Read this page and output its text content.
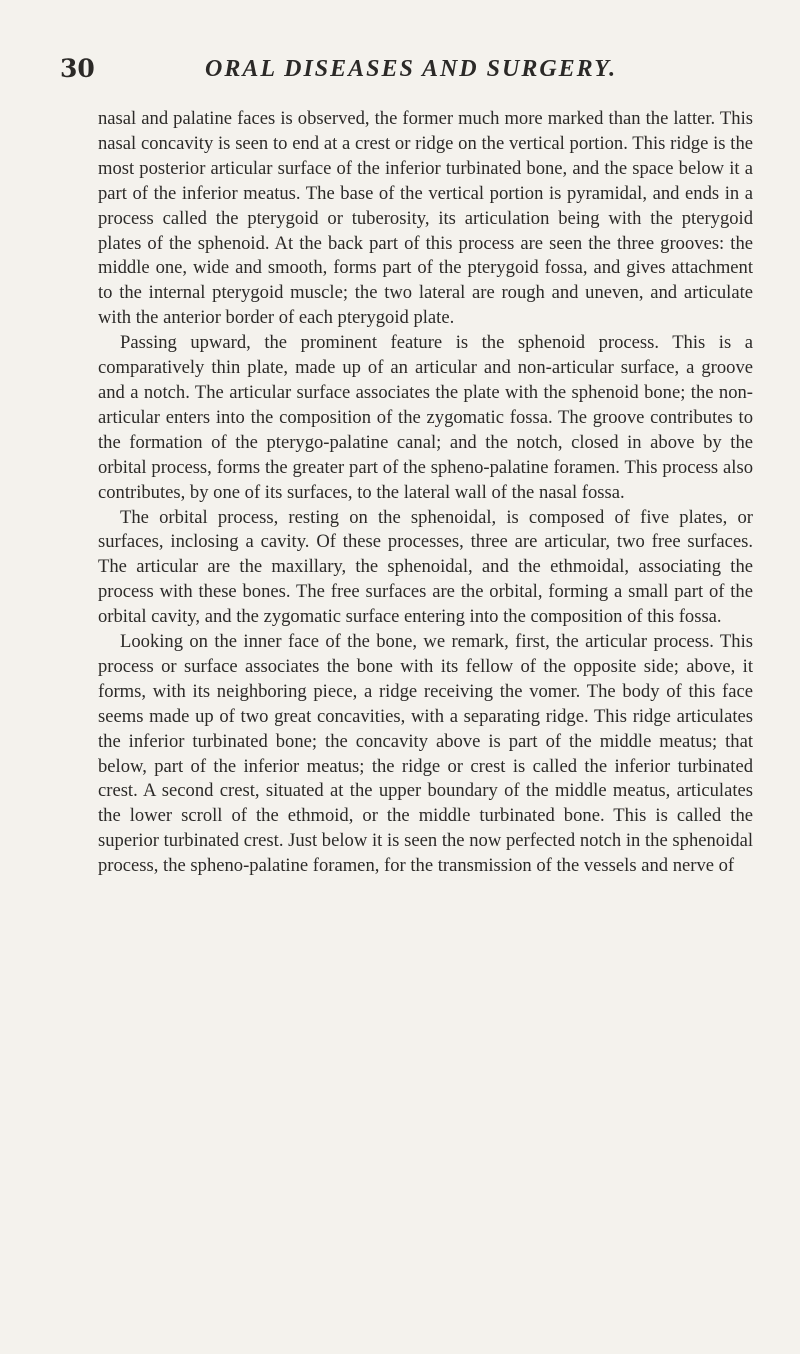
30	ORAL DISEASES AND SURGERY.

nasal and palatine faces is observed, the former much more marked than the latter. This nasal concavity is seen to end at a crest or ridge on the vertical portion. This ridge is the most posterior articular surface of the inferior turbinated bone, and the space below it a part of the inferior meatus. The base of the vertical portion is pyramidal, and ends in a process called the pterygoid or tuberosity, its articulation being with the pterygoid plates of the sphenoid. At the back part of this process are seen the three grooves: the middle one, wide and smooth, forms part of the pterygoid fossa, and gives attachment to the internal pterygoid muscle; the two lateral are rough and uneven, and articulate with the anterior border of each pterygoid plate.

Passing upward, the prominent feature is the sphenoid process. This is a comparatively thin plate, made up of an articular and non-articular surface, a groove and a notch. The articular surface associates the plate with the sphenoid bone; the non-articular enters into the composition of the zygomatic fossa. The groove contributes to the formation of the pterygo-palatine canal; and the notch, closed in above by the orbital process, forms the greater part of the spheno-palatine foramen. This process also contributes, by one of its surfaces, to the lateral wall of the nasal fossa.

The orbital process, resting on the sphenoidal, is composed of five plates, or surfaces, inclosing a cavity. Of these processes, three are articular, two free surfaces. The articular are the maxillary, the sphenoidal, and the ethmoidal, associating the process with these bones. The free surfaces are the orbital, forming a small part of the orbital cavity, and the zygomatic surface entering into the composition of this fossa.

Looking on the inner face of the bone, we remark, first, the articular process. This process or surface associates the bone with its fellow of the opposite side; above, it forms, with its neighboring piece, a ridge receiving the vomer. The body of this face seems made up of two great concavities, with a separating ridge. This ridge articulates the inferior turbinated bone; the concavity above is part of the middle meatus; that below, part of the inferior meatus; the ridge or crest is called the inferior turbinated crest. A second crest, situated at the upper boundary of the middle meatus, articulates the lower scroll of the ethmoid, or the middle turbinated bone. This is called the superior turbinated crest. Just below it is seen the now perfected notch in the sphenoidal process, the spheno-palatine foramen, for the transmission of the vessels and nerve of
